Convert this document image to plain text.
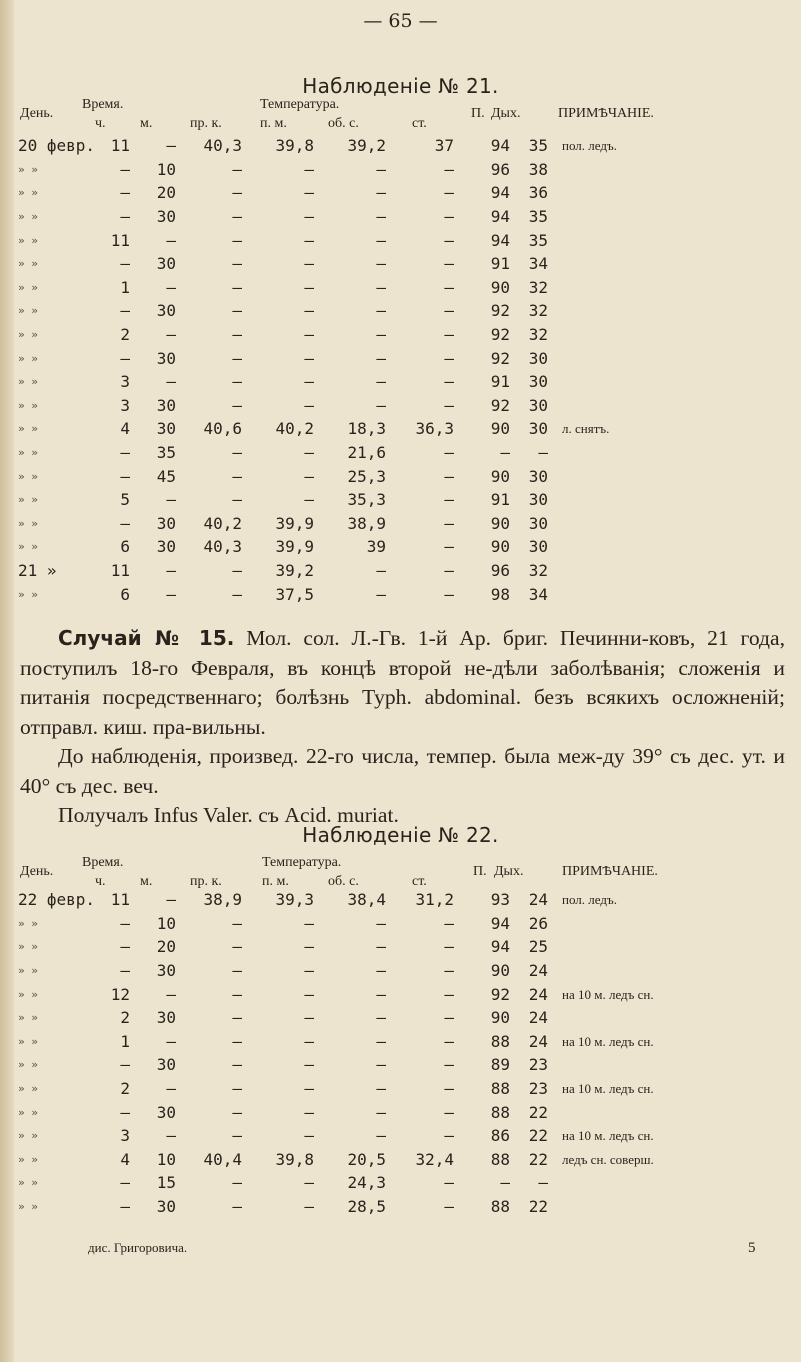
— 65 —
Наблюденіе № 21.
День.
Время.
ч. м.
Температура.
пр. к.	п. м.	об. с.	ст.
П. Дых.	ПРИМѢЧАНІЕ.
20 февр.	11	—	40,3	39,8	39,2	37	94	35	пол. ледъ.
» »	—	10	—	—	—	—	96	38	
» »	—	20	—	—	—	—	94	36	
» »	—	30	—	—	—	—	94	35	
» »	11	—	—	—	—	—	94	35	
» »	—	30	—	—	—	—	91	34	
» »	1	—	—	—	—	—	90	32	
» »	—	30	—	—	—	—	92	32	
» »	2	—	—	—	—	—	92	32	
» »	—	30	—	—	—	—	92	30	
» »	3	—	—	—	—	—	91	30	
» »	3	30	—	—	—	—	92	30	
» »	4	30	40,6	40,2	18,3	36,3	90	30	л. снятъ.
» »	—	35	—	—	21,6	—	—	—	
» »	—	45	—	—	25,3	—	90	30	
» »	5	—	—	—	35,3	—	91	30	
» »	—	30	40,2	39,9	38,9	—	90	30	
» »	6	30	40,3	39,9	39	—	90	30	
21 »	11	—	—	39,2	—	—	96	32	
» »	6	—	—	37,5	—	—	98	34	

Случай № 15. Мол. сол. Л.-Гв. 1-й Ар. бриг. Печинни-ковъ, 21 года, поступилъ 18-го Февраля, въ концѣ второй не-дѣли заболѣванія; сложенія и питанія посредственнаго; болѣзнь Турh. abdominal. безъ всякихъ осложненій; отправл. киш. пра-вильны.

До наблюденія, произвед. 22-го числа, темпер. была меж-ду 39° съ дес. ут. и 40° съ дес. веч.

Получалъ Infus Valer. съ Acid. muriat.

Наблюденіе № 22.
День.
Время.
ч. м.
Температура.
пр. к.	п. м.	об. с.	ст.
П. Дых.	ПРИМѢЧАНІЕ.
22 февр.	11	—	38,9	39,3	38,4	31,2	93	24	пол. ледъ.
» »	—	10	—	—	—	—	94	26	
» »	—	20	—	—	—	—	94	25	
» »	—	30	—	—	—	—	90	24	
» »	12	—	—	—	—	—	92	24	на 10 м. ледъ сн.
» »	2	30	—	—	—	—	90	24	
» »	1	—	—	—	—	—	88	24	на 10 м. ледъ сн.
» »	—	30	—	—	—	—	89	23	
» »	2	—	—	—	—	—	88	23	на 10 м. ледъ сн.
» »	—	30	—	—	—	—	88	22	
» »	3	—	—	—	—	—	86	22	на 10 м. ледъ сн.
» »	4	10	40,4	39,8	20,5	32,4	88	22	ледъ сн. соверш.
» »	—	15	—	—	24,3	—	—	—	
» »	—	30	—	—	28,5	—	88	22	
дис. Григоровича.	5
